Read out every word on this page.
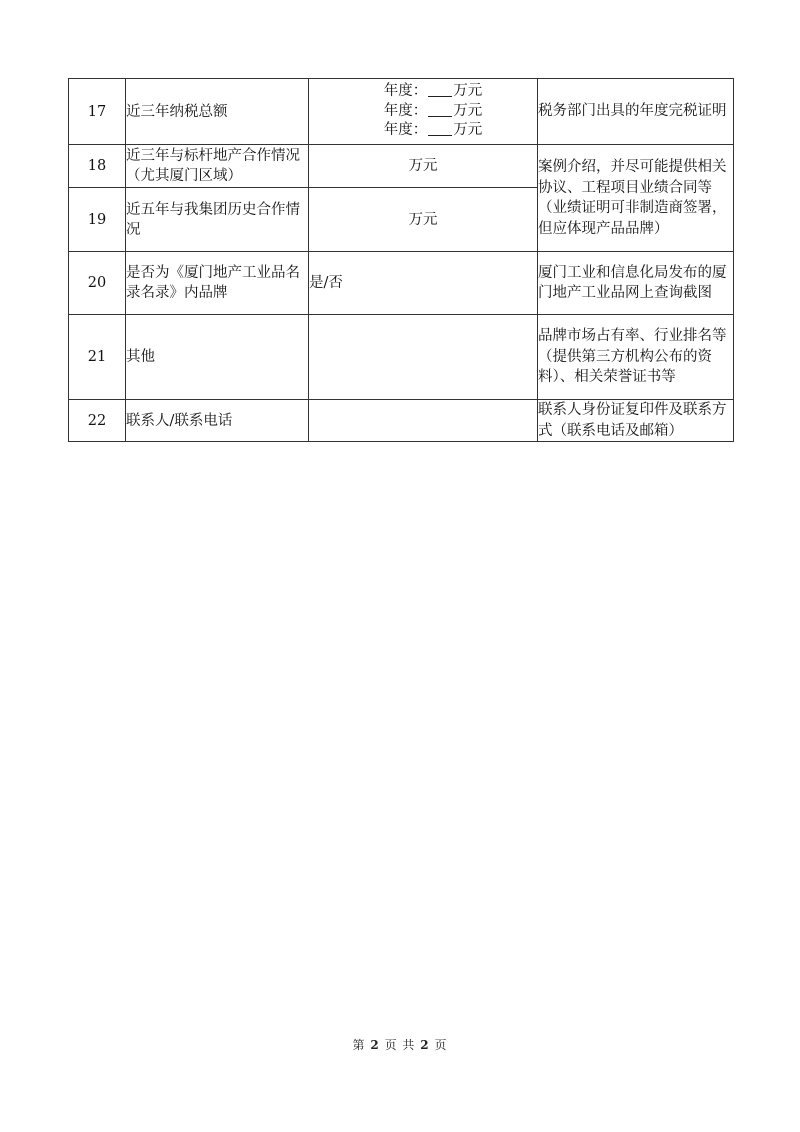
17	近三年纳税总额	年度： 万元
年度： 万元
年度： 万元	税务部门出具的年度完税证明

18	近三年与标杆地产合作情况（尤其厦门区域）	万元	案例介绍，并尽可能提供相关协议、工程项目业绩合同等（业绩证明可非制造商签署，但应体现产品品牌）

19	近五年与我集团历史合作情况	万元	
20	是否为《厦门地产工业品名录名录》内品牌	是/否	厦门工业和信息化局发布的厦门地产工业品网上查询截图

21	其他		品牌市场占有率、行业排名等（提供第三方机构公布的资料）、相关荣誉证书等

22	联系人/联系电话		联系人身份证复印件及联系方式（联系电话及邮箱）
第 2 页 共 2 页
